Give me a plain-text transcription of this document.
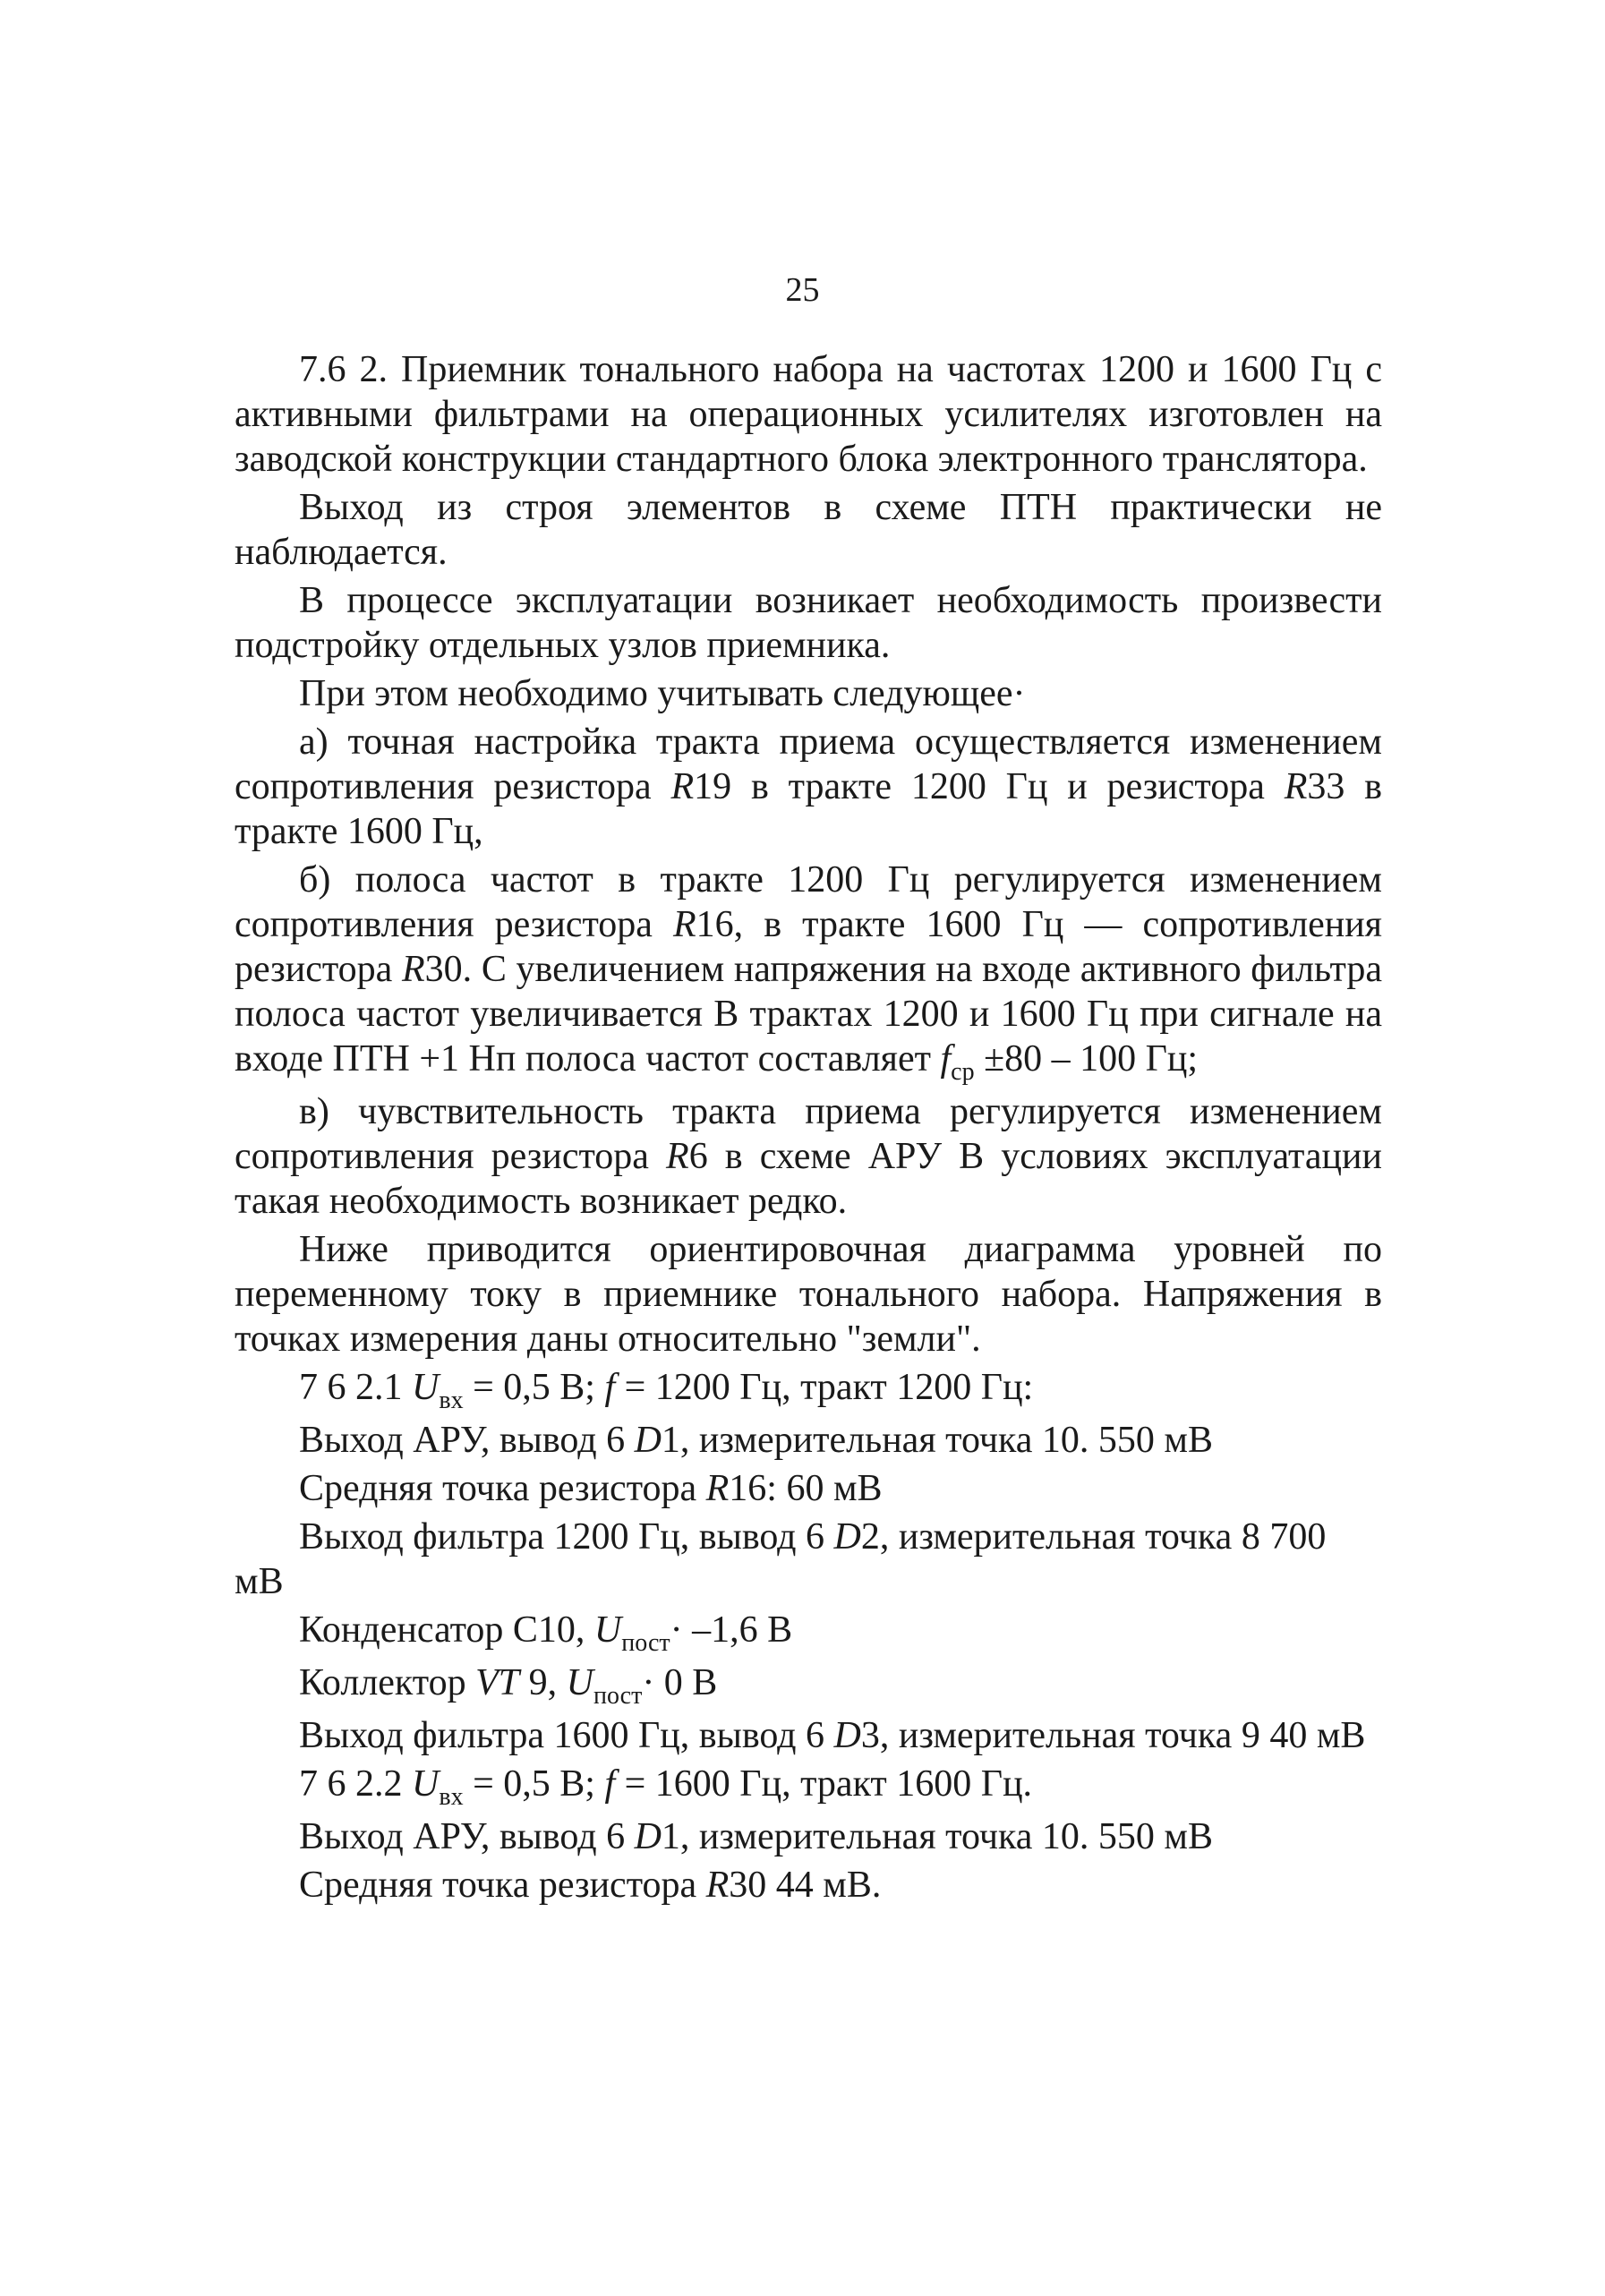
25

7.6 2. Приемник тонального набора на частотах 1200 и 1600 Гц с активными фильтрами на операционных усилителях изготовлен на заводской конструкции стандартного блока электронного транслятора.

Выход из строя элементов в схеме ПТН практически не наблюдается.

В процессе эксплуатации возникает необходимость произвести подстройку отдельных узлов приемника.

При этом необходимо учитывать следующее·

а) точная настройка тракта приема осуществляется изменением сопротивления резистора R19 в тракте 1200 Гц и резистора R33 в тракте 1600 Гц,

б) полоса частот в тракте 1200 Гц регулируется изменением сопротивления резистора R16, в тракте 1600 Гц — сопротивления резистора R30. С увеличением напряжения на входе активного фильтра полоса частот увеличивается В трактах 1200 и 1600 Гц при сигнале на входе ПТН +1 Нп полоса частот составляет $f_{ср} \pm 80 - 100$ Гц;

в) чувствительность тракта приема регулируется изменением сопротивления резистора R6 в схеме АРУ В условиях эксплуатации такая необходимость возникает редко.

Ниже приводится ориентировочная диаграмма уровней по переменному току в приемнике тонального набора. Напряжения в точках измерения даны относительно "земли".

7 6 2.1 $U_{вх} = 0,5$ В; f = 1200 Гц, тракт 1200 Гц:

Выход АРУ, вывод 6 D1, измерительная точка 10. 550 мВ

Средняя точка резистора R16: 60 мВ

Выход фильтра 1200 Гц, вывод 6 D2, измерительная точка 8 700 мВ

Конденсатор С10, $U_{пост}\cdot -1,6$ В

Коллектор VT 9, $U_{пост}\cdot 0$ В

Выход фильтра 1600 Гц, вывод 6 D3, измерительная точка 9 40 мВ

7 6 2.2 $U_{вх} = 0,5$ В; f = 1600 Гц, тракт 1600 Гц.

Выход АРУ, вывод 6 D1, измерительная точка 10. 550 мВ

Средняя точка резистора R30 44 мВ.
